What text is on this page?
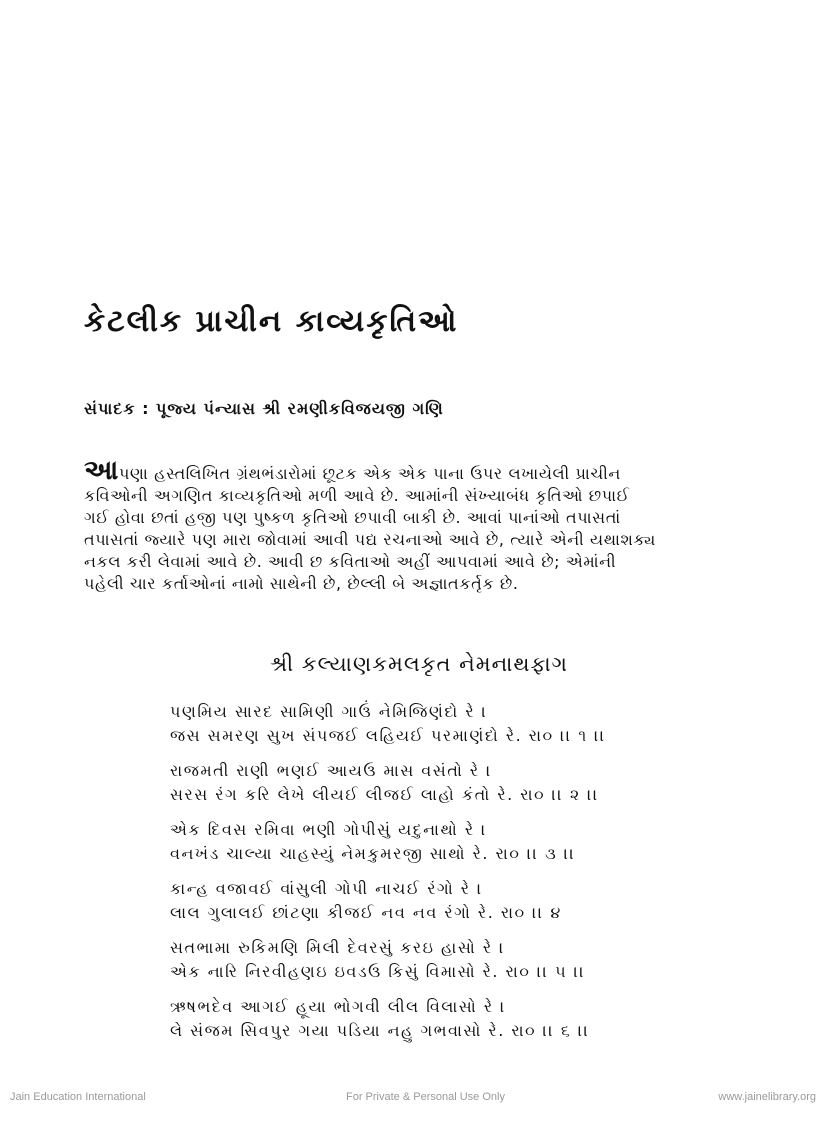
કેટલીક પ્રાચીન કાવ્યકૃતિઓ
સંપાદક : પૂજ્ય પંન્યાસ શ્રી રમણીકવિજયજી ગણિ
આપણા હસ્તલિખિત ગ્રંથભંડારોમાં છૂટક એક એક પાના ઉપર લખાયેલી પ્રાચીન
કવિઓની અગણિત કાવ્યકૃતિઓ મળી આવે છે. આમાંની સંખ્યાબંધ કૃતિઓ છપાઈ
ગઈ હોવા છતાં હજી પણ પુષ્કળ કૃતિઓ છપાવી બાકી છે. આવાં પાનાંઓ તપાસતાં
તપાસતાં જ્યારે પણ મારા જોવામાં આવી પદ્ય રચનાઓ આવે છે, ત્યારે એની યથાશક્ય
નકલ કરી લેવામાં આવે છે. આવી છ કવિતાઓ અહીં આપવામાં આવે છે; એમાંની
પહેલી ચાર કર્તાઓનાં નામો સાથેની છે, છેલ્લી બે અજ્ઞાતકર્તૃક છે.
શ્રી કલ્યાણકમલકૃત નેમનાથફાગ
પણમિય સારદ સામિણી ગાઉં નેમિજિણંદો રે ।
જસ સમરણ સુખ સંપજઈ લહિયઈ પરમાણંદો રે. રા૦ ।। ૧ ।।
રાજમતી રાણી ભણઈ આયઉ માસ વસંતો રે ।
સરસ રંગ કરિ લેખે લીયઈ લીજઈ લાહો કંતો રે. રા૦ ।। ૨ ।।
એક દિવસ રમિવા ભણી ગોપીસું યદુનાથો રે ।
વનખંડ ચાલ્યા ચાહસ્યું નેમકુમરજી સાથો રે. રા૦ ।। ૩ ।।
કાન્હ વજાવઈ વાંસુલી ગોપી નાચઈ રંગો રે ।
લાલ ગુલાલઈ છાંટણા કીજઈ નવ નવ રંગો રે. રા૦ ।। ૪
સતભામા રુકિમણિ મિલી દેવરસું કરઇ હાસો રે ।
એક નારિ નિરવીહણઇ ઇવડઉ કિસું વિમાસો રે. રા૦ ।। ૫ ।।
ઋષભદેવ આગઈ હૂયા ભોગવી લીલ વિલાસો રે ।
લે સંજમ સિવપુર ગયા પડિયા નહુ ગભવાસો રે. રા૦ ।। ૬ ।।
Jain Education International	For Private & Personal Use Only	www.jainelibrary.org
